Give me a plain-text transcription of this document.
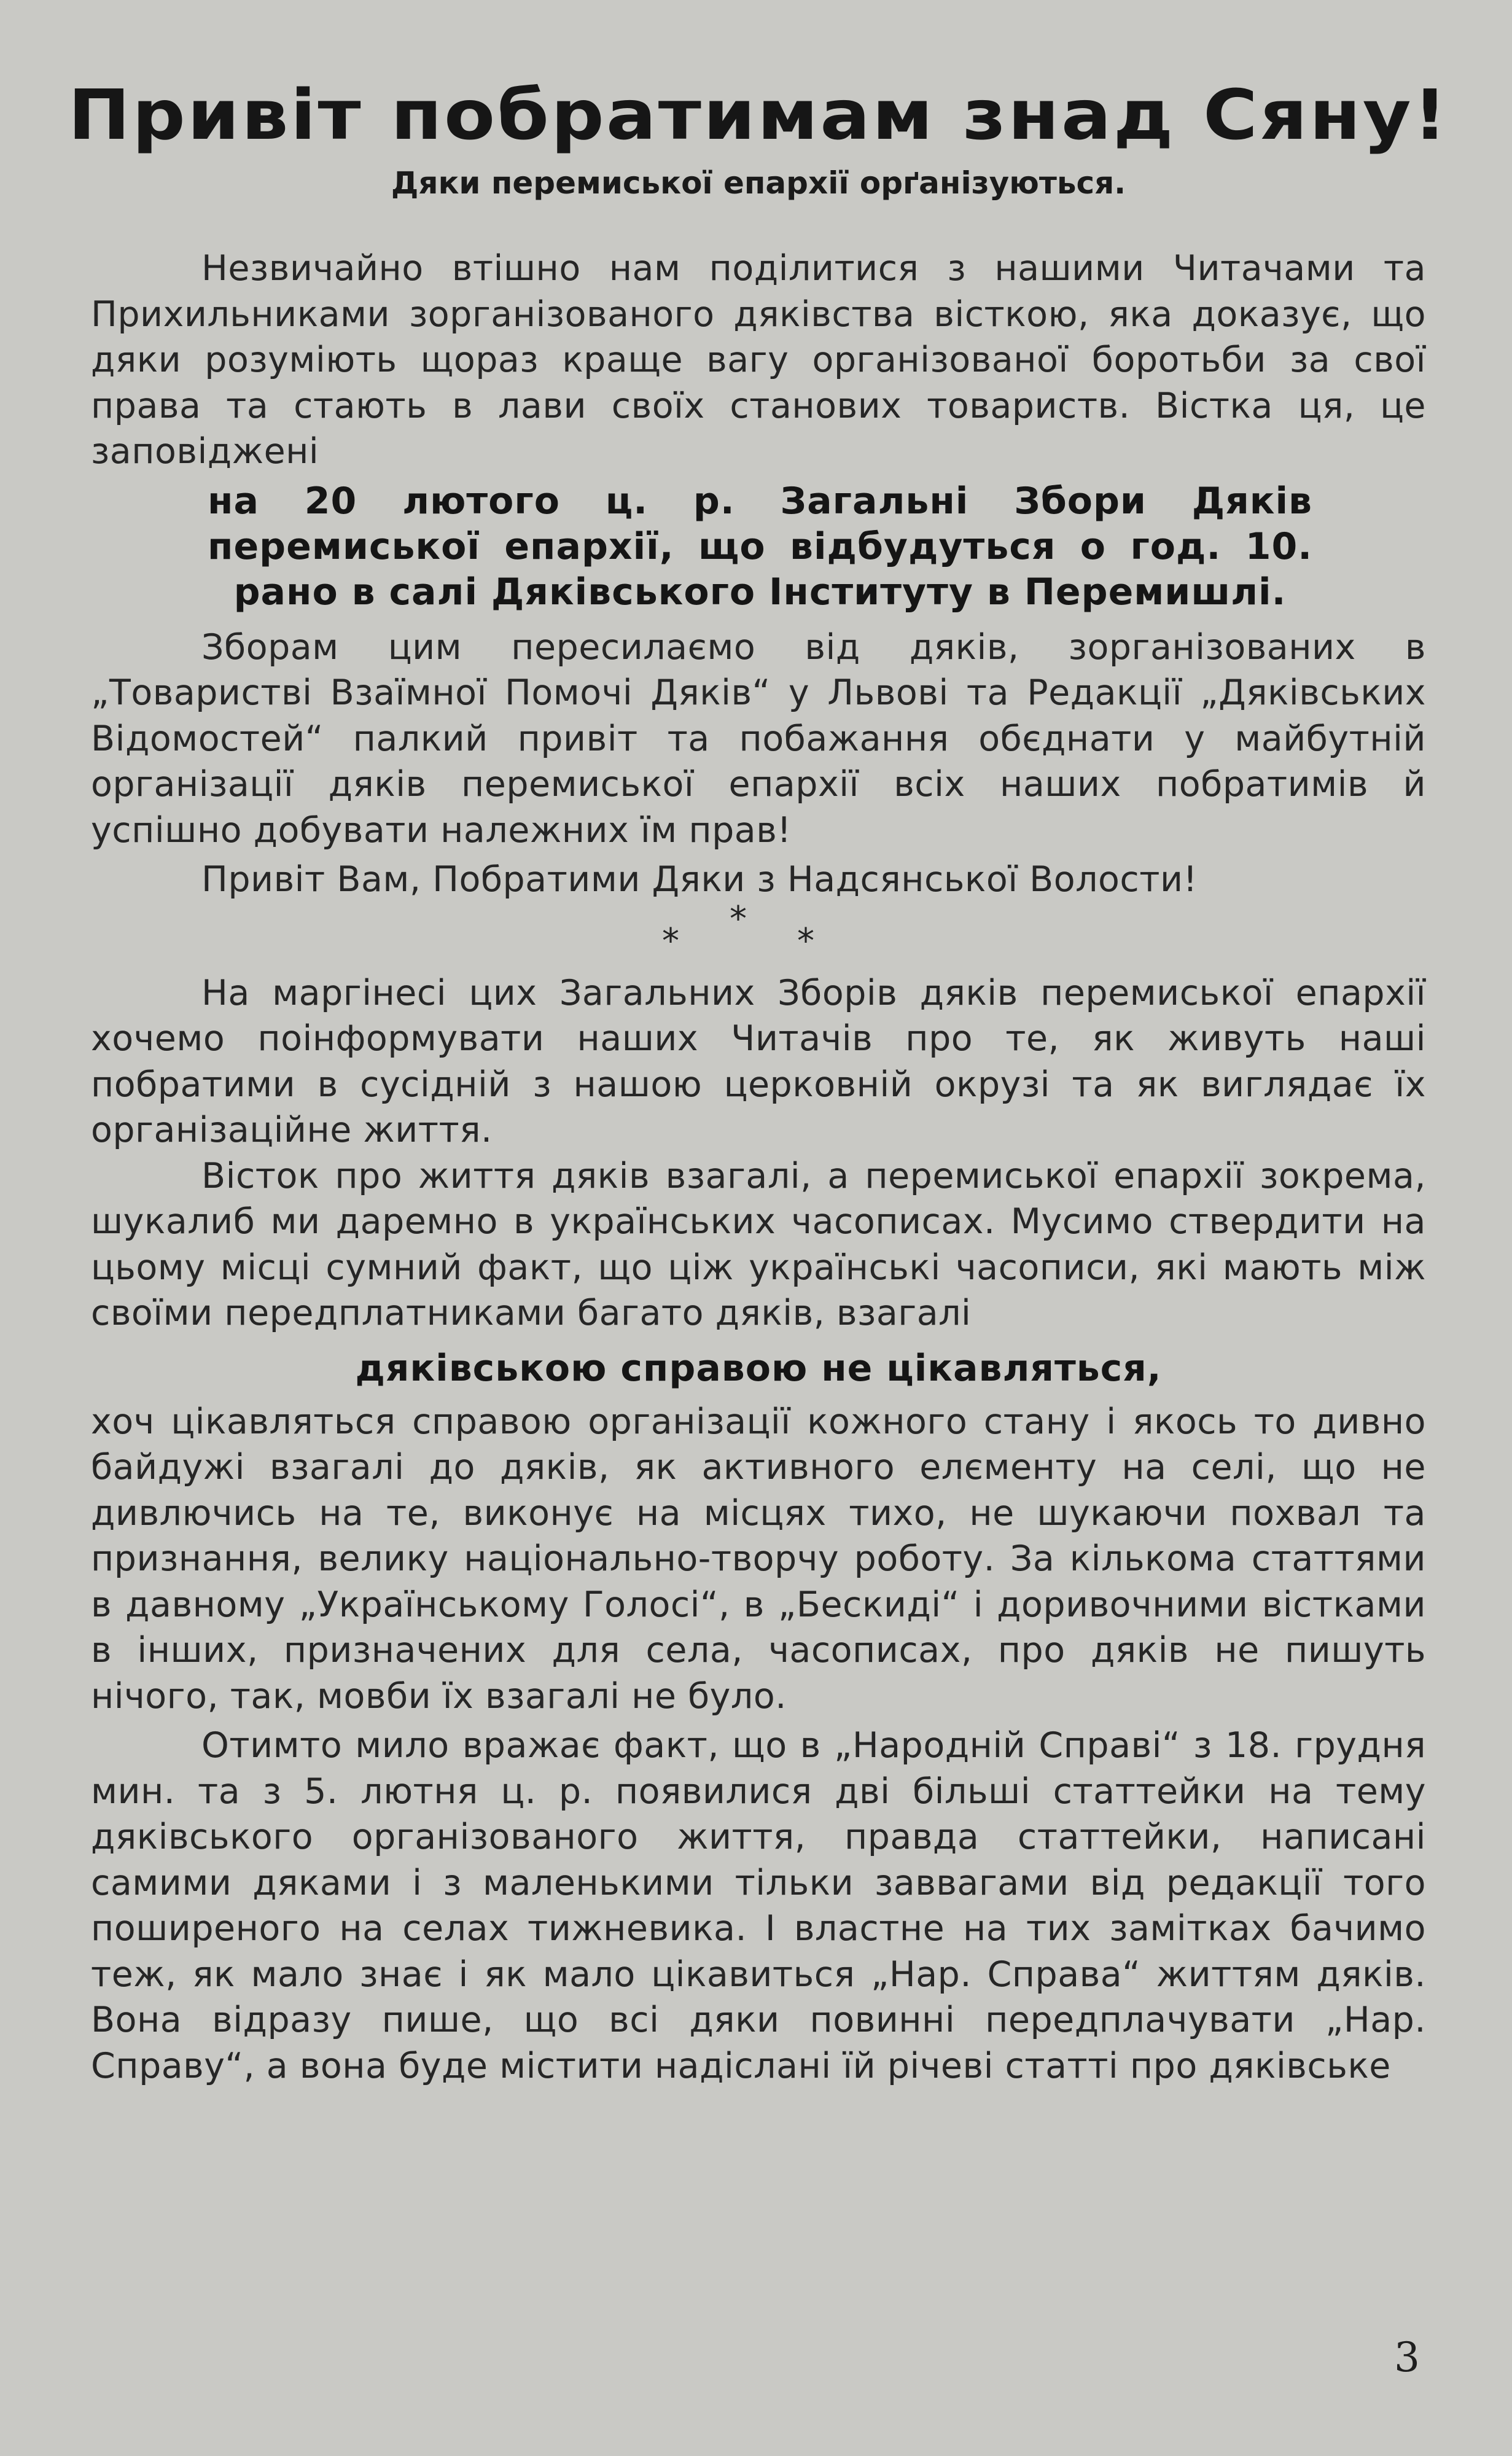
Привіт побратимам знад Сяну!
Дяки перемиської епархії орґанізуються.

Незвичайно втішно нам поділитися з нашими Читачами та Прихильниками зорганізованого дяківства вісткою, яка доказує, що дяки розуміють щораз краще вагу організованої боротьби за свої права та стають в лави своїх станових товариств. Вістка ця, це заповіджені

на 20 лютого ц. р. Загальні Збори Дяків перемиської епархії, що відбудуться о год. 10. рано в салі Дяківського Інституту в Перемишлі.

Зборам цим пересилаємо від дяків, зорганізованих в „Товаристві Взаїмної Помочі Дяків“ у Львові та Редакції „Дяківських Відомостей“ палкий привіт та побажання обєднати у майбутній організації дяків перемиської епархії всіх наших побратимів й успішно добувати належних їм прав!

Привіт Вам, Побратими Дяки з Надсянської Волости!

*
*	*

На маргінесі цих Загальних Зборів дяків перемиської епархії хочемо поінформувати наших Читачів про те, як живуть наші побратими в сусідній з нашою церковній окрузі та як виглядає їх організаційне життя.

Вісток про життя дяків взагалі, а перемиської епархії зокрема, шукалиб ми даремно в українських часописах. Мусимо ствердити на цьому місці сумний факт, що ціж українські часописи, які мають між своїми передплатниками багато дяків, взагалі

дяківською справою не цікавляться,

хоч цікавляться справою організації кожного стану і якось то дивно байдужі взагалі до дяків, як активного елєменту на селі, що не дивлючись на те, виконує на місцях тихо, не шукаючи похвал та признання, велику національно-творчу роботу. За кількома статтями в давному „Українському Голосі“, в „Бескиді“ і доривочними вістками в інших, призначених для села, часописах, про дяків не пишуть нічого, так, мовби їх взагалі не було.

Отимто мило вражає факт, що в „Народній Справі“ з 18. грудня мин. та з 5. лютня ц. р. появилися дві більші статтейки на тему дяківського організованого життя, правда статтейки, написані самими дяками і з маленькими тільки заввагами від редакції того поширеного на селах тижневика. І властне на тих замітках бачимо теж, як мало знає і як мало цікавиться „Нар. Справа“ життям дяків. Вона відразу пише, що всі дяки повинні передплачувати „Нар. Справу“, а вона буде містити надіслані їй річеві статті про дяківське

3
